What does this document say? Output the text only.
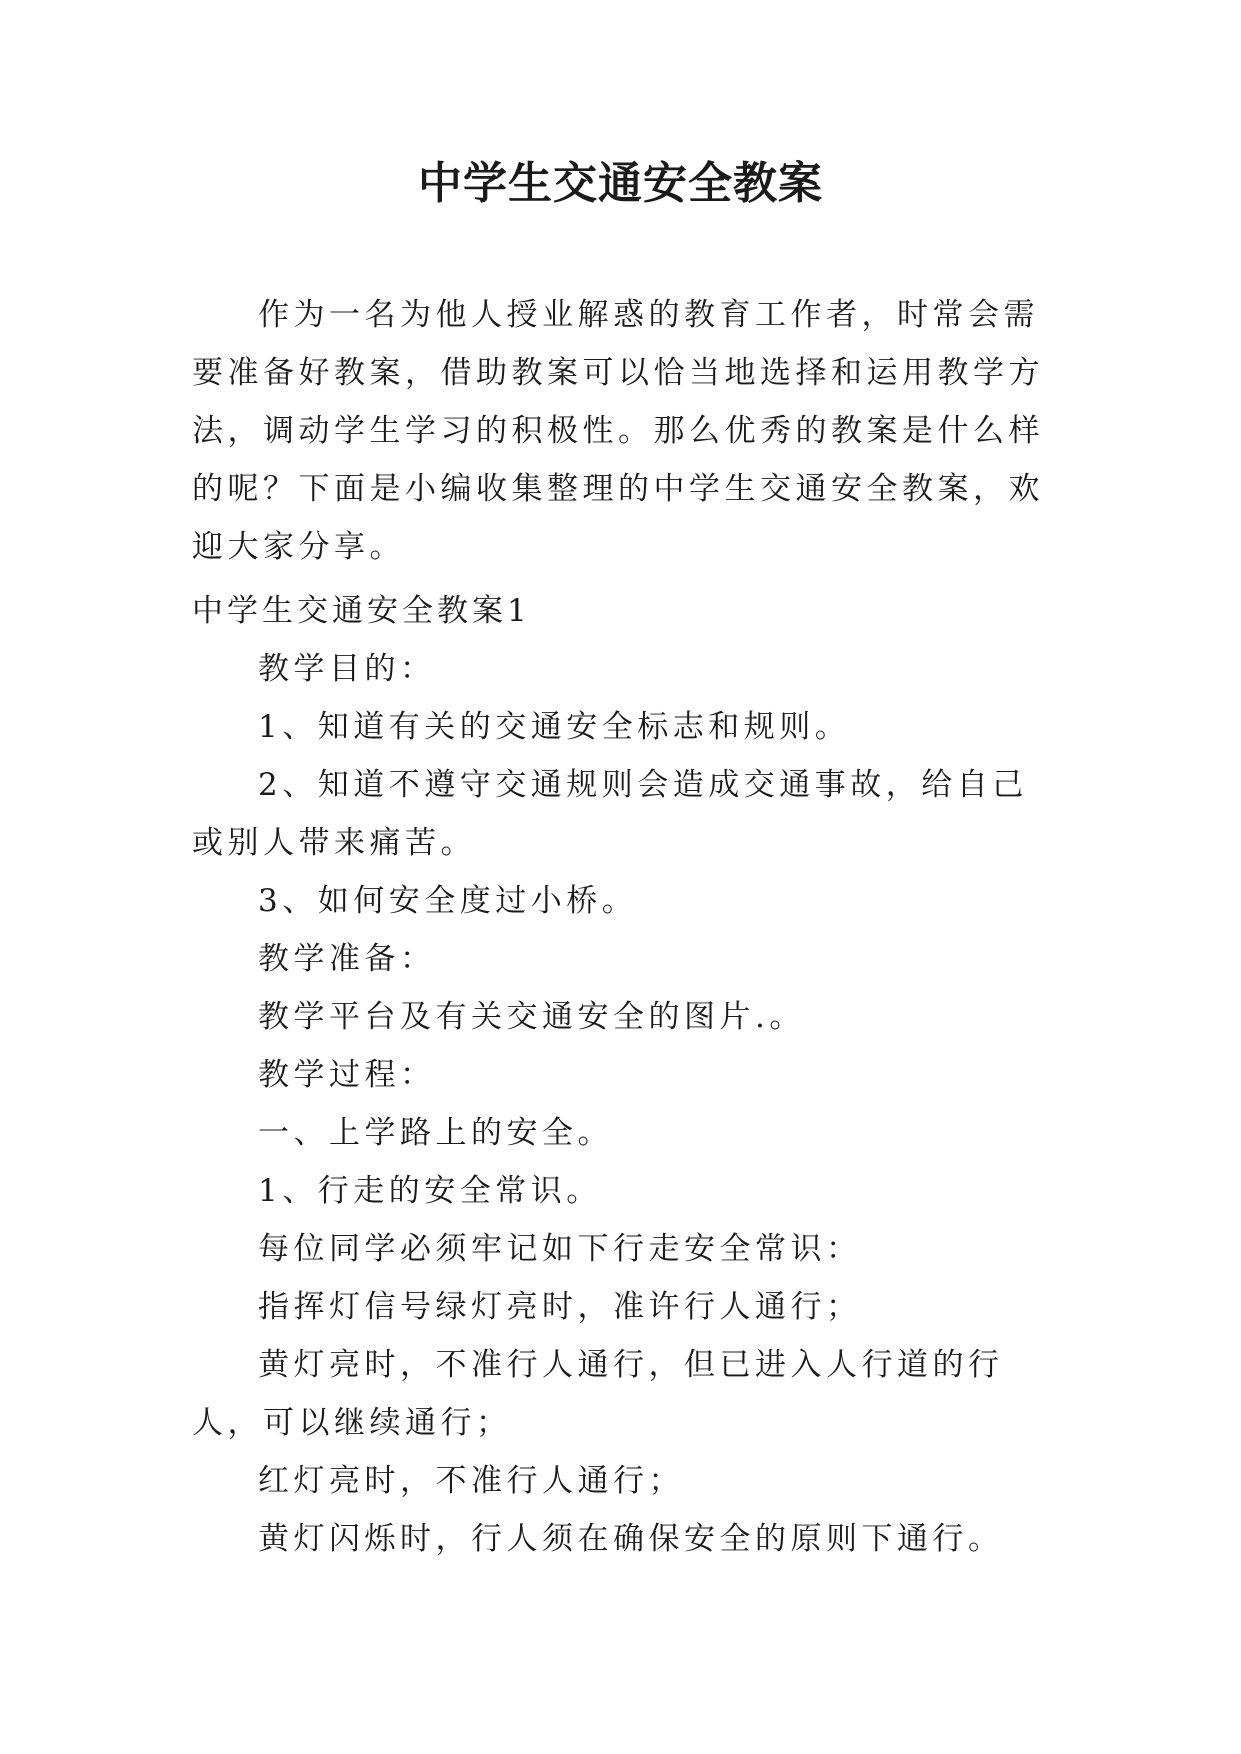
中学生交通安全教案

作为一名为他人授业解惑的教育工作者，时常会需要准备好教案，借助教案可以恰当地选择和运用教学方法，调动学生学习的积极性。那么优秀的教案是什么样的呢？下面是小编收集整理的中学生交通安全教案，欢迎大家分享。

中学生交通安全教案1

教学目的：

1、知道有关的交通安全标志和规则。

2、知道不遵守交通规则会造成交通事故，给自己或别人带来痛苦。

3、如何安全度过小桥。

教学准备：

教学平台及有关交通安全的图片.。

教学过程：

一、上学路上的安全。

1、行走的安全常识。

每位同学必须牢记如下行走安全常识：

指挥灯信号绿灯亮时，准许行人通行；

黄灯亮时，不准行人通行，但已进入人行道的行人，可以继续通行；

红灯亮时，不准行人通行；

黄灯闪烁时，行人须在确保安全的原则下通行。
